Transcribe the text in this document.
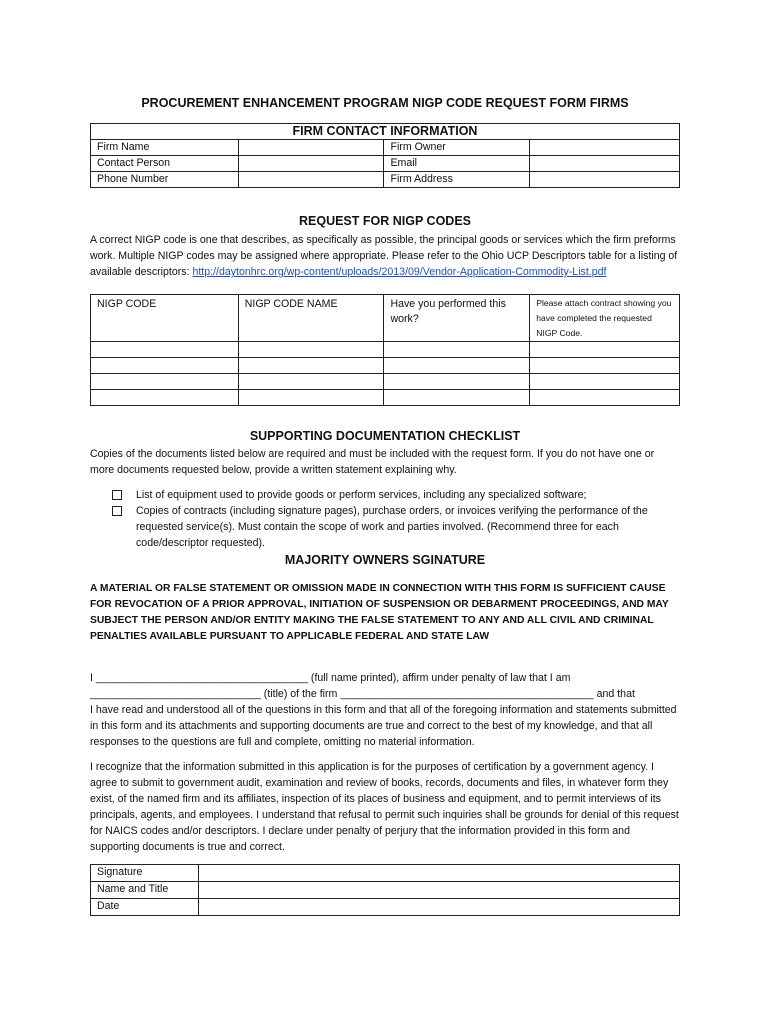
PROCUREMENT ENHANCEMENT PROGRAM NIGP CODE REQUEST FORM FIRMS
FIRM CONTACT INFORMATION			
Firm Name		Firm Owner	
Contact Person		Email	
Phone Number		Firm Address	
REQUEST FOR NIGP CODES
A correct NIGP code is one that describes, as specifically as possible, the principal goods or services which the firm preforms work. Multiple NIGP codes may be assigned where appropriate. Please refer to the Ohio UCP Descriptors table for a listing of available descriptors: http://daytonhrc.org/wp-content/uploads/2013/09/Vendor-Application-Commodity-List.pdf
NIGP CODE	NIGP CODE NAME	Have you performed this work?	Please attach contract showing you have completed the requested NIGP Code.

SUPPORTING DOCUMENTATION CHECKLIST
Copies of the documents listed below are required and must be included with the request form. If you do not have one or more documents requested below, provide a written statement explaining why.
List of equipment used to provide goods or perform services, including any specialized software;
Copies of contracts (including signature pages), purchase orders, or invoices verifying the performance of the requested service(s). Must contain the scope of work and parties involved. (Recommend three for each code/descriptor requested).
MAJORITY OWNERS SGINATURE
A MATERIAL OR FALSE STATEMENT OR OMISSION MADE IN CONNECTION WITH THIS FORM IS SUFFICIENT CAUSE FOR REVOCATION OF A PRIOR APPROVAL, INITIATION OF SUSPENSION OR DEBARMENT PROCEEDINGS, AND MAY SUBJECT THE PERSON AND/OR ENTITY MAKING THE FALSE STATEMENT TO ANY AND ALL CIVIL AND CRIMINAL PENALTIES AVAILABLE PURSUANT TO APPLICABLE FEDERAL AND STATE LAW
I ____________________________________ (full name printed), affirm under penalty of law that I am
_____________________________ (title) of the firm ___________________________________________ and that
I have read and understood all of the questions in this form and that all of the foregoing information and statements submitted in this form and its attachments and supporting documents are true and correct to the best of my knowledge, and that all responses to the questions are full and complete, omitting no material information.
I recognize that the information submitted in this application is for the purposes of certification by a government agency. I agree to submit to government audit, examination and review of books, records, documents and files, in whatever form they exist, of the named firm and its affiliates, inspection of its places of business and equipment, and to permit interviews of its principals, agents, and employees. I understand that refusal to permit such inquiries shall be grounds for denial of this request for NAICS codes and/or descriptors. I declare under penalty of perjury that the information provided in this form and supporting documents is true and correct.
Signature	
Name and Title	
Date	
